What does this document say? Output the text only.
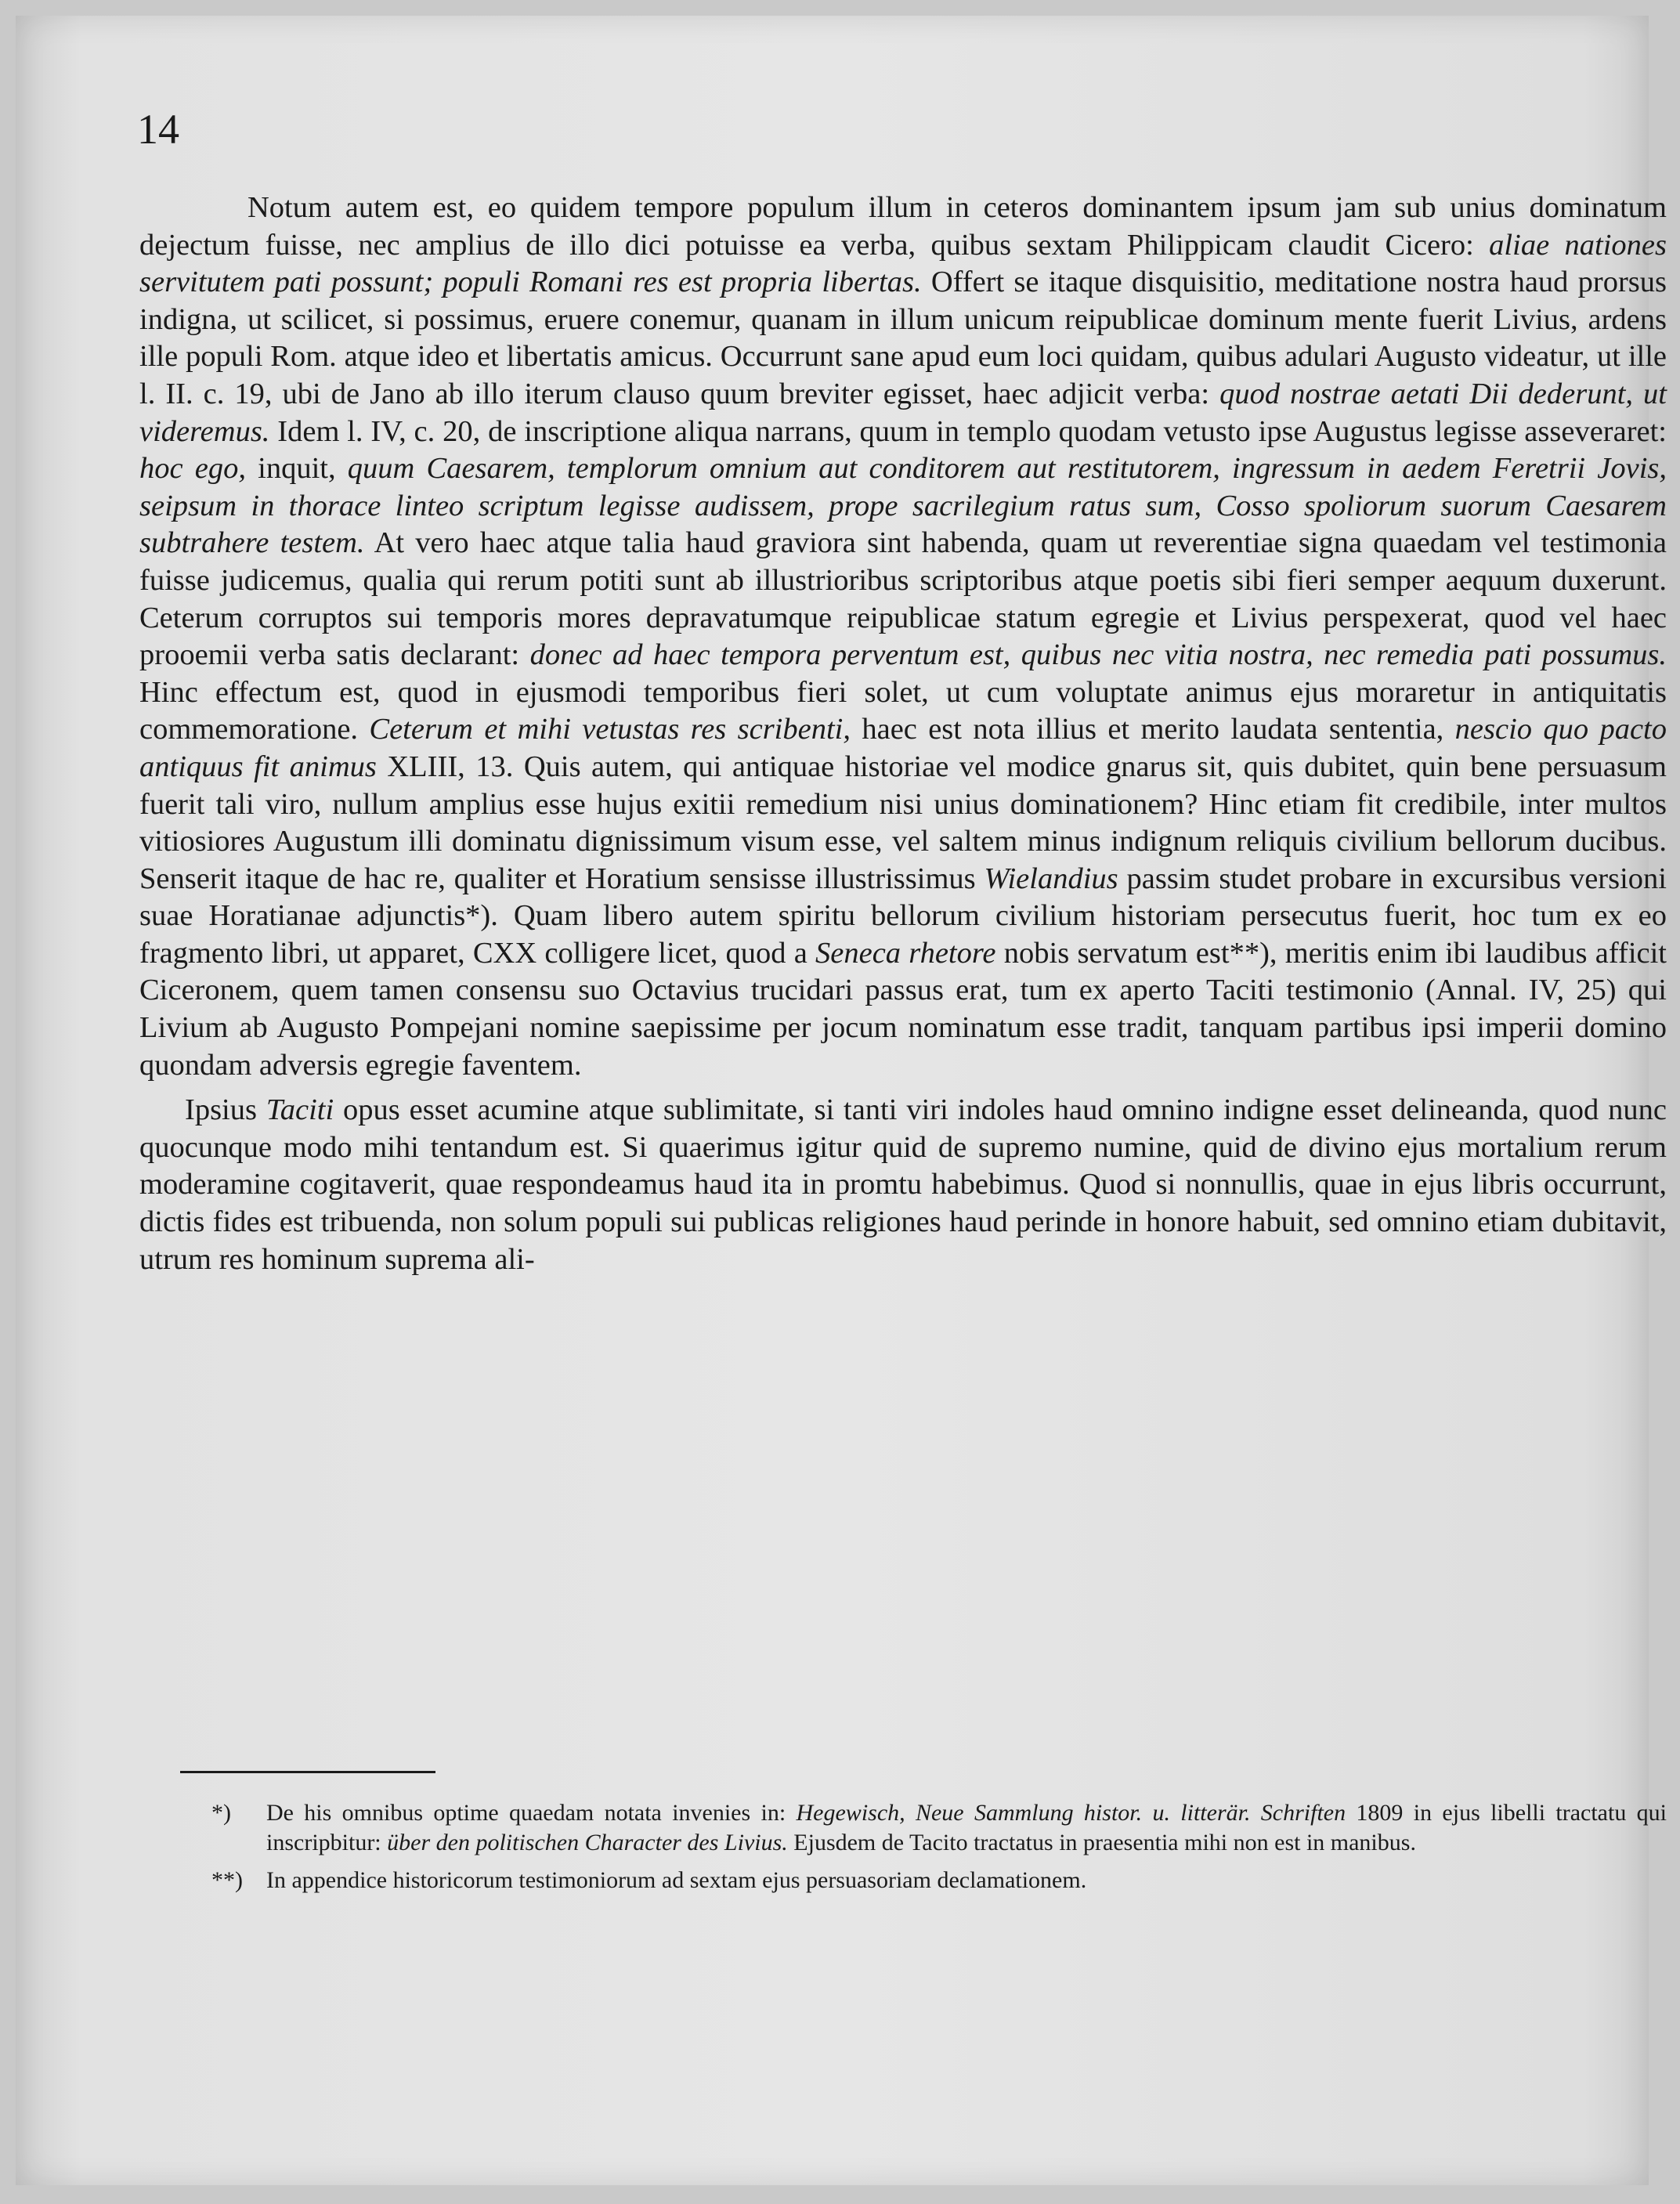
14

Notum autem est, eo quidem tempore populum illum in ceteros dominantem ipsum jam sub unius dominatum dejectum fuisse, nec amplius de illo dici potuisse ea verba, quibus sextam Philippicam claudit Cicero: aliae nationes servitutem pati possunt; populi Romani res est propria libertas. Offert se itaque disquisitio, meditatione nostra haud prorsus indigna, ut scilicet, si possimus, eruere conemur, quanam in illum unicum reipublicae dominum mente fuerit Livius, ardens ille populi Rom. atque ideo et libertatis amicus. Occurrunt sane apud eum loci quidam, quibus adulari Augusto videatur, ut ille l. II. c. 19, ubi de Jano ab illo iterum clauso quum breviter egisset, haec adjicit verba: quod nostrae aetati Dii dederunt, ut videremus. Idem l. IV, c. 20, de inscriptione aliqua narrans, quum in templo quodam vetusto ipse Augustus legisse asseveraret: hoc ego, inquit, quum Caesarem, templorum omnium aut conditorem aut restitutorem, ingressum in aedem Feretrii Jovis, seipsum in thorace linteo scriptum legisse audissem, prope sacrilegium ratus sum, Cosso spoliorum suorum Caesarem subtrahere testem. At vero haec atque talia haud graviora sint habenda, quam ut reverentiae signa quaedam vel testimonia fuisse judicemus, qualia qui rerum potiti sunt ab illustrioribus scriptoribus atque poetis sibi fieri semper aequum duxerunt. Ceterum corruptos sui temporis mores depravatumque reipublicae statum egregie et Livius perspexerat, quod vel haec prooemii verba satis declarant: donec ad haec tempora perventum est, quibus nec vitia nostra, nec remedia pati possumus. Hinc effectum est, quod in ejusmodi temporibus fieri solet, ut cum voluptate animus ejus moraretur in antiquitatis commemoratione. Ceterum et mihi vetustas res scribenti, haec est nota illius et merito laudata sententia, nescio quo pacto antiquus fit animus XLIII, 13. Quis autem, qui antiquae historiae vel modice gnarus sit, quis dubitet, quin bene persuasum fuerit tali viro, nullum amplius esse hujus exitii remedium nisi unius dominationem? Hinc etiam fit credibile, inter multos vitiosiores Augustum illi dominatu dignissimum visum esse, vel saltem minus indignum reliquis civilium bellorum ducibus. Senserit itaque de hac re, qualiter et Horatium sensisse illustrissimus Wielandius passim studet probare in excursibus versioni suae Horatianae adjunctis*). Quam libero autem spiritu bellorum civilium historiam persecutus fuerit, hoc tum ex eo fragmento libri, ut apparet, CXX colligere licet, quod a Seneca rhetore nobis servatum est**), meritis enim ibi laudibus afficit Ciceronem, quem tamen consensu suo Octavius trucidari passus erat, tum ex aperto Taciti testimonio (Annal. IV, 25) qui Livium ab Augusto Pompejani nomine saepissime per jocum nominatum esse tradit, tanquam partibus ipsi imperii domino quondam adversis egregie faventem.

Ipsius Taciti opus esset acumine atque sublimitate, si tanti viri indoles haud omnino indigne esset delineanda, quod nunc quocunque modo mihi tentandum est. Si quaerimus igitur quid de supremo numine, quid de divino ejus mortalium rerum moderamine cogitaverit, quae respondeamus haud ita in promtu habebimus. Quod si nonnullis, quae in ejus libris occurrunt, dictis fides est tribuenda, non solum populi sui publicas religiones haud perinde in honore habuit, sed omnino etiam dubitavit, utrum res hominum suprema ali-

*) De his omnibus optime quaedam notata invenies in: Hegewisch, Neue Sammlung histor. u. litterär. Schriften 1809 in ejus libelli tractatu qui inscripbitur: über den politischen Character des Livius. Ejusdem de Tacito tractatus in praesentia mihi non est in manibus.

**) In appendice historicorum testimoniorum ad sextam ejus persuasoriam declamationem.
